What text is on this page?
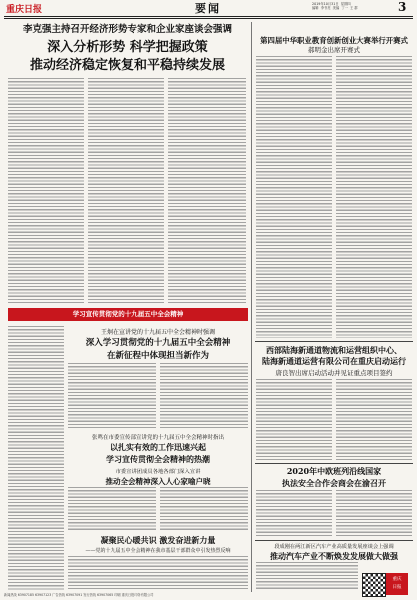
重庆日报	要闻	2019年10月31日  星期四
编辑  李书亮  美编  丁一  王 群	3
李克强主持召开经济形势专家和企业家座谈会强调
深入分析形势 科学把握政策
推动经济稳定恢复和平稳持续发展
学习宣传贯彻党的十九届五中全会精神
王炯在宣讲党的十九届五中全会精神时强调
深入学习贯彻党的十九届五中全会精神
在新征程中体现担当新作为
张鸣在市委宣传部宣讲党的十九届五中全会精神时指出
以扎实有效的工作迅速兴起
学习宣传贯彻全会精神的热潮
市委宣讲团成员各地各部门深入宣讲
推动全会精神深入人心家喻户晓
凝聚民心暖共识 激发奋进新力量
——党的十九届五中全会精神在我市基层干部群众中引发热烈反响
第四届中华职业教育创新创业大赛举行开赛式
郝明金出席开赛式
西部陆海新通道物流和运营组织中心、
陆海新通道运营有限公司在重庆启动运行
唐良智出席启动活动并见证重点项目签约
2020年中欧班列沿线国家
执法安全合作会商会在渝召开
段成刚在两江新区汽车产业高质量发展座谈会上强调
推动汽车产业不断焕发发展做大做强
重庆
日报
新闻热线 63907185 63907123 广告热线 63907091 发行热线 63907065 印刷 重庆日报印务有限公司
